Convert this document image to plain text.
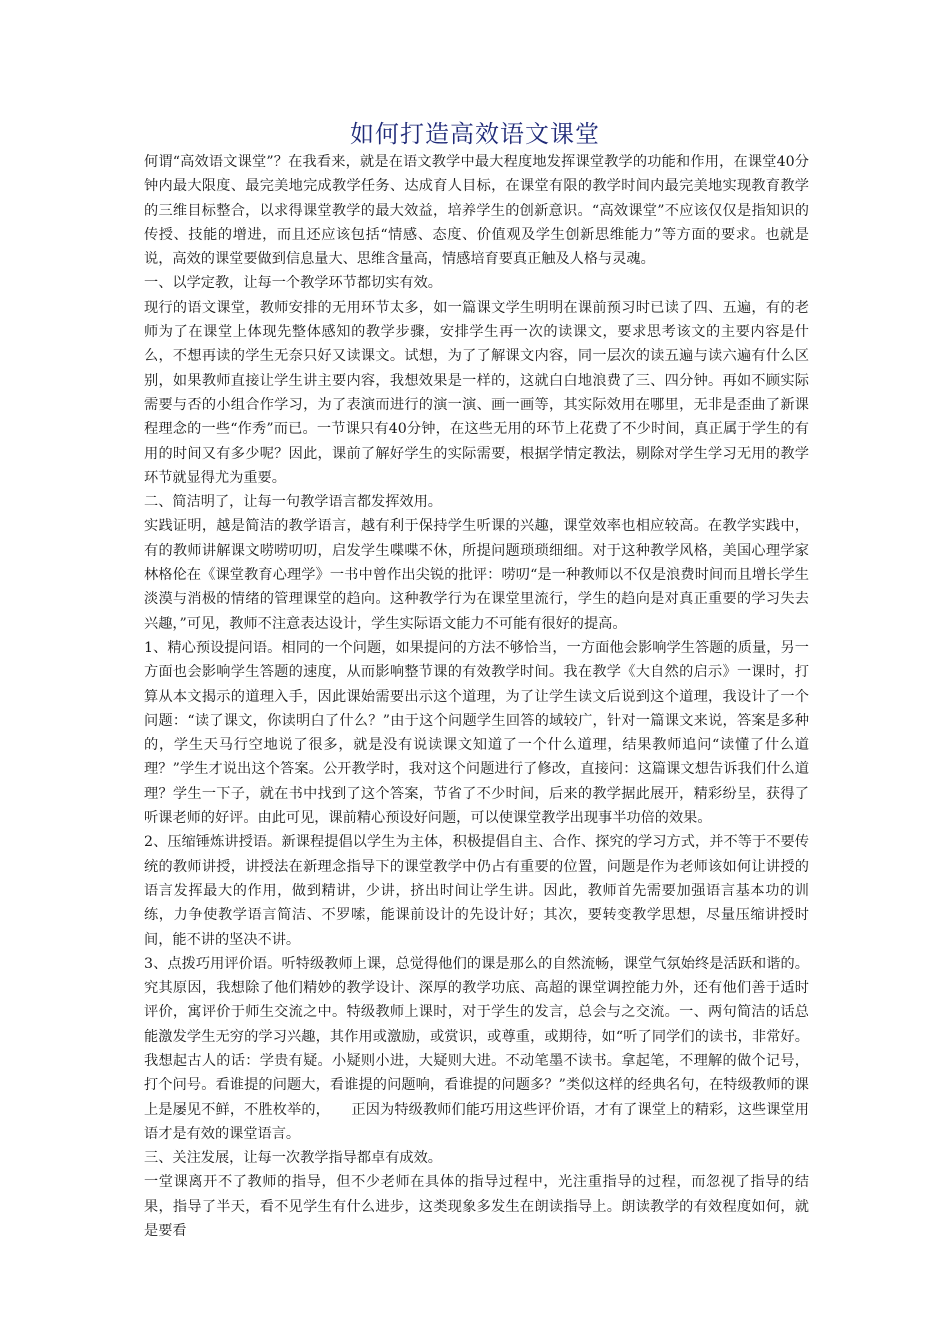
如何打造高效语文课堂

何谓“高效语文课堂”？在我看来，就是在语文教学中最大程度地发挥课堂教学的功能和作用，在课堂40分钟内最大限度、最完美地完成教学任务、达成育人目标，在课堂有限的教学时间内最完美地实现教育教学的三维目标整合，以求得课堂教学的最大效益，培养学生的创新意识。“高效课堂”不应该仅仅是指知识的传授、技能的增进，而且还应该包括“情感、态度、价值观及学生创新思维能力”等方面的要求。也就是说，高效的课堂要做到信息量大、思维含量高，情感培育要真正触及人格与灵魂。

一、以学定教，让每一个教学环节都切实有效。

现行的语文课堂，教师安排的无用环节太多，如一篇课文学生明明在课前预习时已读了四、五遍，有的老师为了在课堂上体现先整体感知的教学步骤，安排学生再一次的读课文，要求思考该文的主要内容是什么，不想再读的学生无奈只好又读课文。试想，为了了解课文内容，同一层次的读五遍与读六遍有什么区别，如果教师直接让学生讲主要内容，我想效果是一样的，这就白白地浪费了三、四分钟。再如不顾实际需要与否的小组合作学习，为了表演而进行的演一演、画一画等，其实际效用在哪里，无非是歪曲了新课程理念的一些“作秀”而已。一节课只有40分钟，在这些无用的环节上花费了不少时间，真正属于学生的有用的时间又有多少呢？因此，课前了解好学生的实际需要，根据学情定教法，剔除对学生学习无用的教学环节就显得尤为重要。

二、简洁明了，让每一句教学语言都发挥效用。

实践证明，越是简洁的教学语言，越有利于保持学生听课的兴趣，课堂效率也相应较高。在教学实践中，有的教师讲解课文唠唠叨叨，启发学生喋喋不休，所提问题琐琐细细。对于这种教学风格，美国心理学家林格伦在《课堂教育心理学》一书中曾作出尖锐的批评：唠叨“是一种教师以不仅是浪费时间而且增长学生淡漠与消极的情绪的管理课堂的趋向。这种教学行为在课堂里流行，学生的趋向是对真正重要的学习失去兴趣，”可见，教师不注意表达设计，学生实际语文能力不可能有很好的提高。

1、精心预设提问语。相同的一个问题，如果提问的方法不够恰当，一方面他会影响学生答题的质量，另一方面也会影响学生答题的速度，从而影响整节课的有效教学时间。我在教学《大自然的启示》一课时，打算从本文揭示的道理入手，因此课始需要出示这个道理，为了让学生读文后说到这个道理，我设计了一个问题：“读了课文，你读明白了什么？”由于这个问题学生回答的域较广，针对一篇课文来说，答案是多种的，学生天马行空地说了很多，就是没有说读课文知道了一个什么道理，结果教师追问“读懂了什么道理？”学生才说出这个答案。公开教学时，我对这个问题进行了修改，直接问：这篇课文想告诉我们什么道理？学生一下子，就在书中找到了这个答案，节省了不少时间，后来的教学据此展开，精彩纷呈，获得了听课老师的好评。由此可见，课前精心预设好问题，可以使课堂教学出现事半功倍的效果。

2、压缩锤炼讲授语。新课程提倡以学生为主体，积极提倡自主、合作、探究的学习方式，并不等于不要传统的教师讲授，讲授法在新理念指导下的课堂教学中仍占有重要的位置，问题是作为老师该如何让讲授的语言发挥最大的作用，做到精讲，少讲，挤出时间让学生讲。因此，教师首先需要加强语言基本功的训练，力争使教学语言简洁、不罗嗦，能课前设计的先设计好；其次，要转变教学思想，尽量压缩讲授时间，能不讲的坚决不讲。

3、点拨巧用评价语。听特级教师上课，总觉得他们的课是那么的自然流畅，课堂气氛始终是活跃和谐的。究其原因，我想除了他们精妙的教学设计、深厚的教学功底、高超的课堂调控能力外，还有他们善于适时评价，寓评价于师生交流之中。特级教师上课时，对于学生的发言，总会与之交流。一、两句简洁的话总能激发学生无穷的学习兴趣，其作用或激励，或赏识，或尊重，或期待，如“听了同学们的读书，非常好。我想起古人的话：学贵有疑。小疑则小进，大疑则大进。不动笔墨不读书。拿起笔，不理解的做个记号，打个问号。看谁提的问题大，看谁提的问题响，看谁提的问题多？”类似这样的经典名句，在特级教师的课上是屡见不鲜，不胜枚举的，　　正因为特级教师们能巧用这些评价语，才有了课堂上的精彩，这些课堂用语才是有效的课堂语言。

三、关注发展，让每一次教学指导都卓有成效。

一堂课离开不了教师的指导，但不少老师在具体的指导过程中，光注重指导的过程，而忽视了指导的结果，指导了半天，看不见学生有什么进步，这类现象多发生在朗读指导上。朗读教学的有效程度如何，就是要看
